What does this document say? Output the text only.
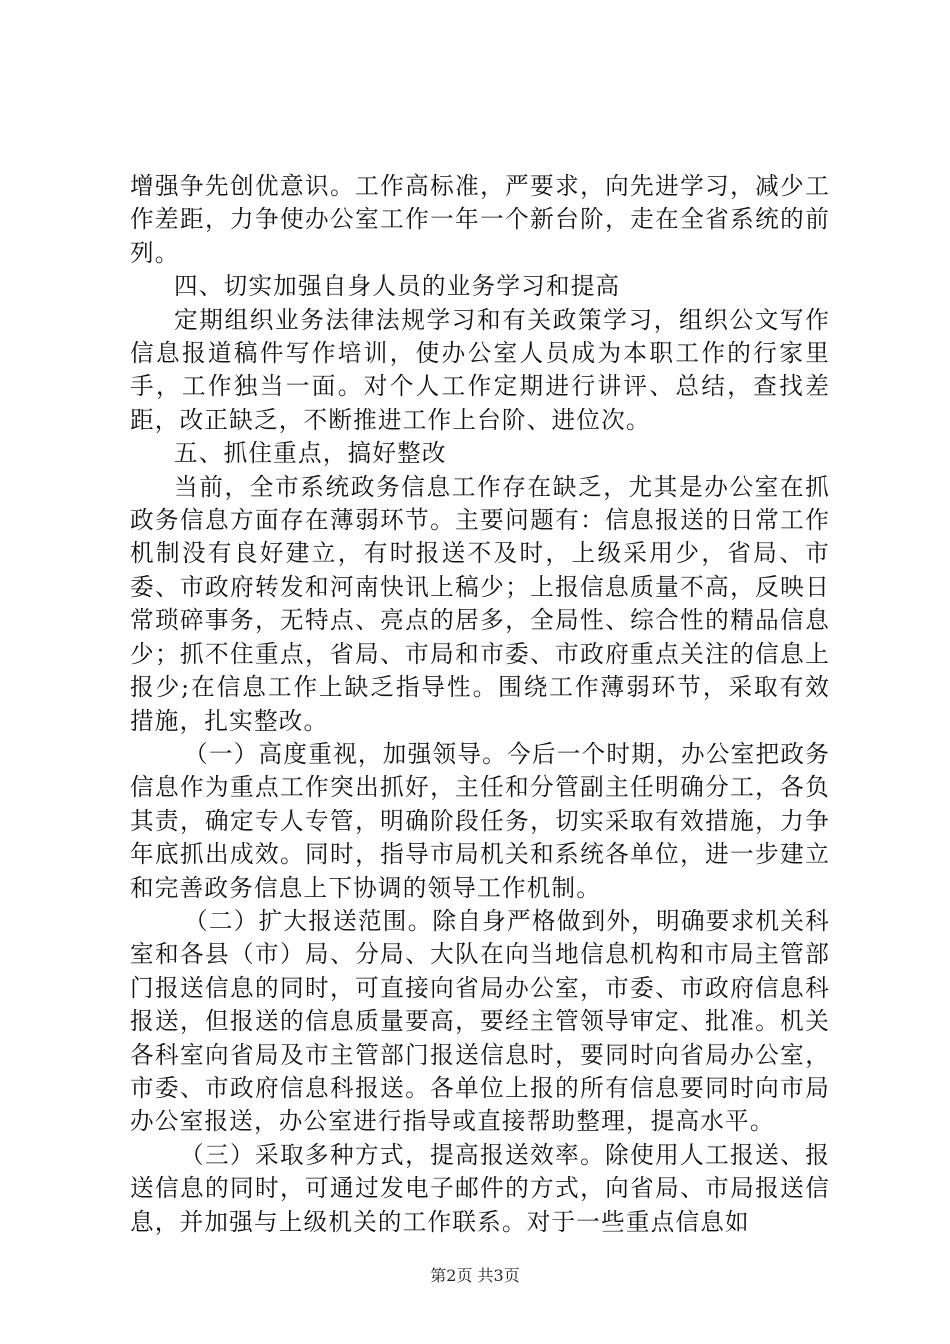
增强争先创优意识。工作高标准，严要求，向先进学习，减少工作差距，力争使办公室工作一年一个新台阶，走在全省系统的前列。

四、切实加强自身人员的业务学习和提高

定期组织业务法律法规学习和有关政策学习，组织公文写作信息报道稿件写作培训，使办公室人员成为本职工作的行家里手，工作独当一面。对个人工作定期进行讲评、总结，查找差距，改正缺乏，不断推进工作上台阶、进位次。

五、抓住重点，搞好整改

当前，全市系统政务信息工作存在缺乏，尤其是办公室在抓政务信息方面存在薄弱环节。主要问题有：信息报送的日常工作机制没有良好建立，有时报送不及时，上级采用少，省局、市委、市政府转发和河南快讯上稿少；上报信息质量不高，反映日常琐碎事务，无特点、亮点的居多，全局性、综合性的精品信息少；抓不住重点，省局、市局和市委、市政府重点关注的信息上报少;在信息工作上缺乏指导性。围绕工作薄弱环节，采取有效措施，扎实整改。

（一）高度重视，加强领导。今后一个时期，办公室把政务信息作为重点工作突出抓好，主任和分管副主任明确分工，各负其责，确定专人专管，明确阶段任务，切实采取有效措施，力争年底抓出成效。同时，指导市局机关和系统各单位，进一步建立和完善政务信息上下协调的领导工作机制。

（二）扩大报送范围。除自身严格做到外，明确要求机关科室和各县（市）局、分局、大队在向当地信息机构和市局主管部门报送信息的同时，可直接向省局办公室，市委、市政府信息科报送，但报送的信息质量要高，要经主管领导审定、批准。机关各科室向省局及市主管部门报送信息时，要同时向省局办公室，市委、市政府信息科报送。各单位上报的所有信息要同时向市局办公室报送，办公室进行指导或直接帮助整理，提高水平。

（三）采取多种方式，提高报送效率。除使用人工报送、报送信息的同时，可通过发电子邮件的方式，向省局、市局报送信息，并加强与上级机关的工作联系。对于一些重点信息如

第2页 共3页
